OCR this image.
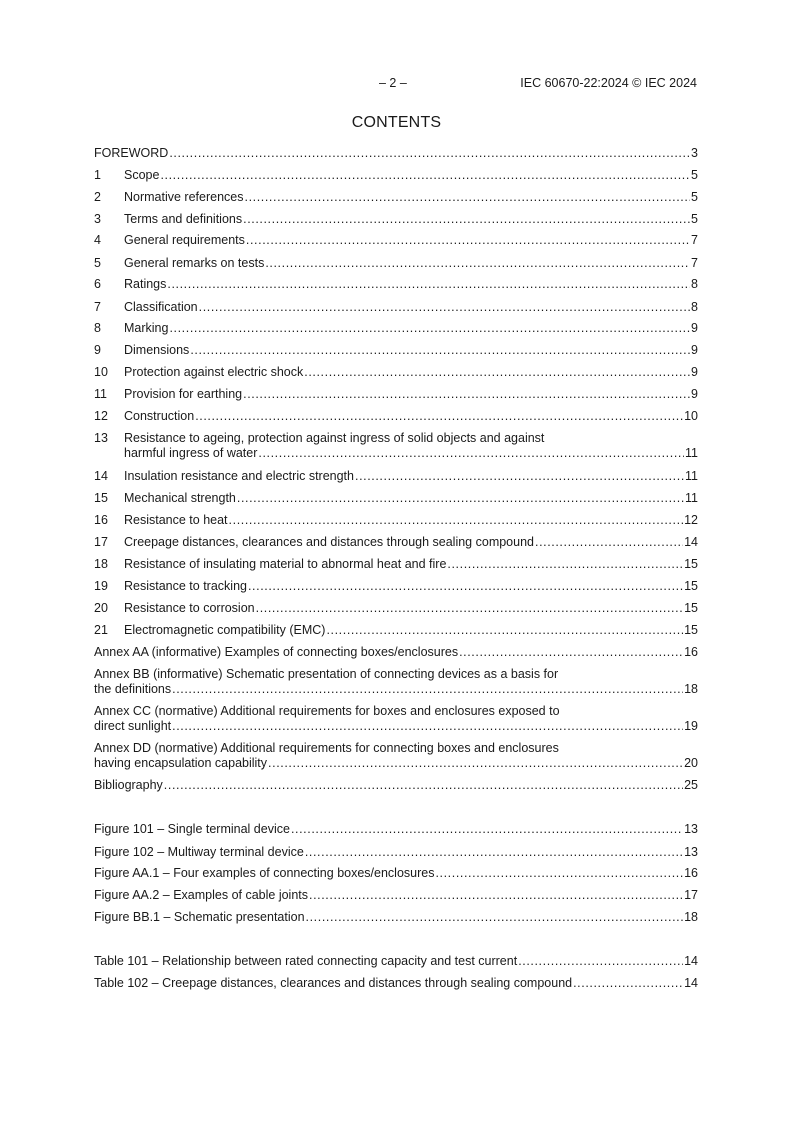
– 2 –	IEC 60670-22:2024 © IEC 2024
CONTENTS
FOREWORD .....	3
1	Scope .....	5
2	Normative references .....	5
3	Terms and definitions .....	5
4	General requirements .....	7
5	General remarks on tests .....	7
6	Ratings .....	8
7	Classification .....	8
8	Marking .....	9
9	Dimensions .....	9
10	Protection against electric shock .....	9
11	Provision for earthing .....	9
12	Construction .....	10
13	Resistance to ageing, protection against ingress of solid objects and against
harmful ingress of water .....	11
14	Insulation resistance and electric strength .....	11
15	Mechanical strength .....	11
16	Resistance to heat .....	12
17	Creepage distances, clearances and distances through sealing compound .....	14
18	Resistance of insulating material to abnormal heat and fire .....	15
19	Resistance to tracking .....	15
20	Resistance to corrosion .....	15
21	Electromagnetic compatibility (EMC) .....	15
Annex AA (informative) Examples of connecting boxes/enclosures .....	16
Annex BB (informative) Schematic presentation of connecting devices as a basis for
the definitions .....	18
Annex CC (normative) Additional requirements for boxes and enclosures exposed to
direct sunlight .....	19
Annex DD (normative) Additional requirements for connecting boxes and enclosures
having encapsulation capability .....	20
Bibliography .....	25
Figure 101 – Single terminal device .....	13
Figure 102 – Multiway terminal device .....	13
Figure AA.1 – Four examples of connecting boxes/enclosures .....	16
Figure AA.2 – Examples of cable joints .....	17
Figure BB.1 – Schematic presentation .....	18
Table 101 – Relationship between rated connecting capacity and test current .....	14
Table 102 – Creepage distances, clearances and distances through sealing compound .....	14
